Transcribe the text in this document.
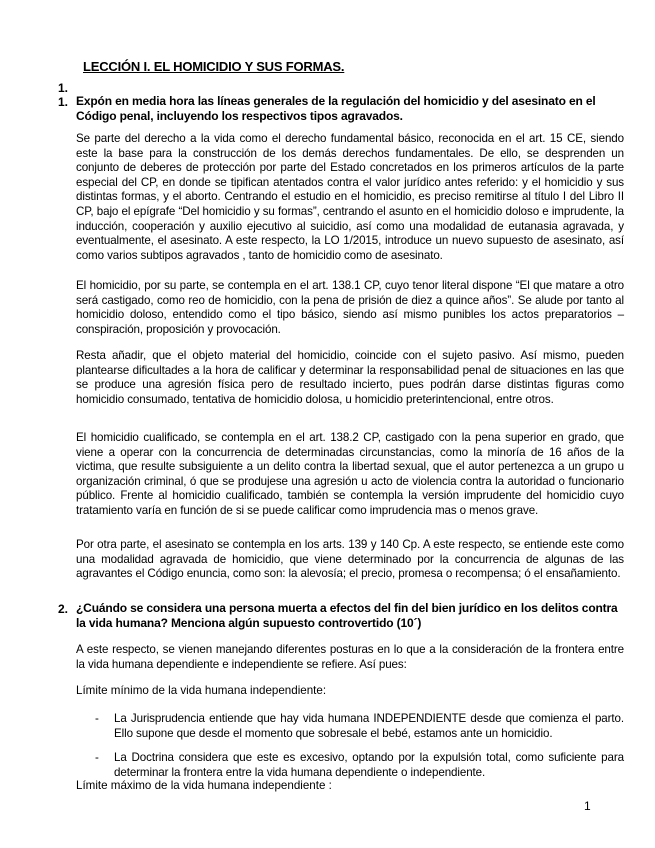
LECCIÓN I. EL HOMICIDIO Y SUS FORMAS.
1.
1. Expón en media hora las líneas generales de la regulación del homicidio y del asesinato en el Código penal, incluyendo los respectivos tipos agravados.
Se parte del derecho a la vida como el derecho fundamental básico, reconocida en el art. 15 CE, siendo este la base para la construcción de los demás derechos fundamentales. De ello, se desprenden un conjunto de deberes de protección por parte del Estado concretados en los primeros artículos de la parte especial del CP, en donde se tipifican atentados contra el valor jurídico antes referido: y el homicidio y sus distintas formas, y el aborto. Centrando el estudio en el homicidio, es preciso remitirse al título I del Libro II CP, bajo el epígrafe “Del homicidio y su formas”, centrando el asunto en el homicidio doloso e imprudente, la inducción, cooperación y auxilio ejecutivo al suicidio, así como una modalidad de eutanasia agravada, y eventualmente, el asesinato. A este respecto, la LO 1/2015, introduce un nuevo supuesto de asesinato, así como varios subtipos agravados , tanto de homicidio como de asesinato.
El homicidio, por su parte, se contempla en el art. 138.1 CP, cuyo tenor literal dispone “El que matare a otro será castigado, como reo de homicidio, con la pena de prisión de diez a quince años”. Se alude por tanto al homicidio doloso, entendido como el tipo básico, siendo así mismo punibles los actos preparatorios – conspiración, proposición y provocación.
Resta añadir, que el objeto material del homicidio, coincide con el sujeto pasivo. Así mismo, pueden plantearse dificultades a la hora de calificar y determinar la responsabilidad penal de situaciones en las que se produce una agresión física pero de resultado incierto, pues podrán darse distintas figuras como homicidio consumado, tentativa de homicidio dolosa, u homicidio preterintencional, entre otros.
El homicidio cualificado, se contempla en el art. 138.2 CP, castigado con la pena superior en grado, que viene a operar con la concurrencia de determinadas circunstancias, como la minoría de 16 años de la victima, que resulte subsiguiente a un delito contra la libertad sexual, que el autor pertenezca a un grupo u organización criminal, ó que se produjese una agresión u acto de violencia contra la autoridad o funcionario público. Frente al homicidio cualificado, también se contempla la versión imprudente del homicidio cuyo tratamiento varía en función de si se puede calificar como imprudencia mas o menos grave.
Por otra parte, el asesinato se contempla en los arts. 139 y 140 Cp. A este respecto, se entiende este como una modalidad agravada de homicidio, que viene determinado por la concurrencia de algunas de las agravantes el Código enuncia, como son: la alevosía; el precio, promesa o recompensa; ó el ensañamiento.
2. ¿Cuándo se considera una persona muerta a efectos del fin del bien jurídico en los delitos contra la vida humana? Menciona algún supuesto controvertido (10´)
A este respecto, se vienen manejando diferentes posturas en lo que a la consideración de la frontera entre la vida humana dependiente e independiente se refiere. Así pues:
Límite mínimo de la vida humana independiente:
- La Jurisprudencia entiende que hay vida humana INDEPENDIENTE desde que comienza el parto. Ello supone que desde el momento que sobresale el bebé, estamos ante un homicidio.
- La Doctrina considera que este es excesivo, optando por la expulsión total, como suficiente para determinar la frontera entre la vida humana dependiente o independiente.
Límite máximo de la vida humana independiente :
1
